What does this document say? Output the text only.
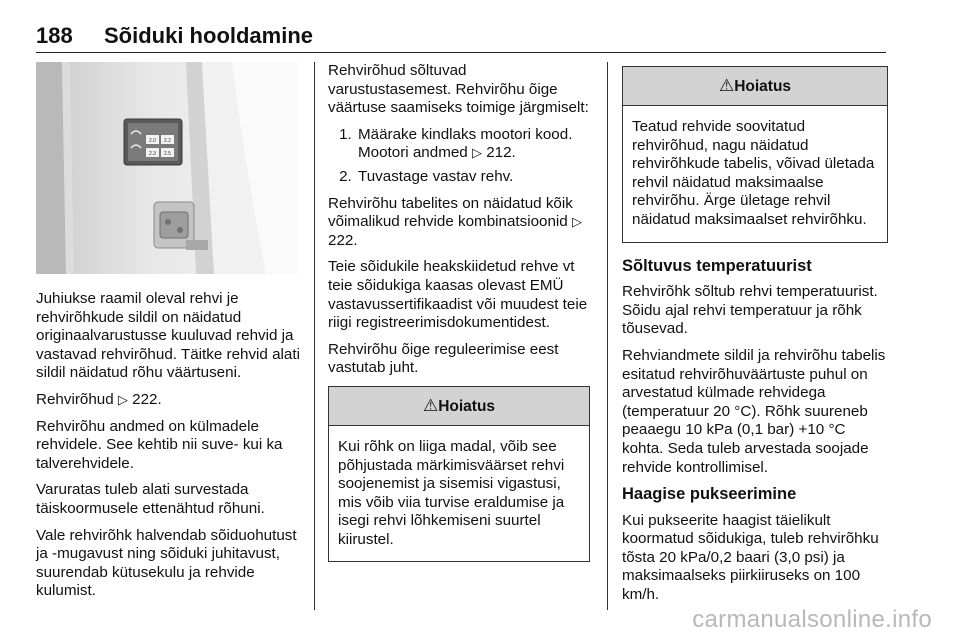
188	Sõiduki hooldamine
2.0 2.2
2.3 2.5

Juhiukse raamil oleval rehvi je rehvirõhkude sildil on näidatud originaalvarustusse kuuluvad rehvid ja vastavad rehvirõhud. Täitke rehvid alati sildil näidatud rõhu väärtuseni.

Rehvirõhud ▷ 222.

Rehvirõhu andmed on külmadele rehvidele. See kehtib nii suve- kui ka talverehvidele.

Varuratas tuleb alati survestada täiskoormusele ettenähtud rõhuni.

Vale rehvirõhk halvendab sõiduohutust ja -mugavust ning sõiduki juhitavust, suurendab kütusekulu ja rehvide kulumist.

Rehvirõhud sõltuvad varustustasemest. Rehvirõhu õige väärtuse saamiseks toimige järgmiselt:

1. Määrake kindlaks mootori kood. Mootori andmed ▷ 212.
2. Tuvastage vastav rehv.

Rehvirõhu tabelites on näidatud kõik võimalikud rehvide kombinatsioonid ▷ 222.

Teie sõidukile heakskiidetud rehve vt teie sõidukiga kaasas olevast EMÜ vastavussertifikaadist või muudest teie riigi registreerimisdokumentidest.

Rehvirõhu õige reguleerimise eest vastutab juht.

⚠Hoiatus
Kui rõhk on liiga madal, võib see põhjustada märkimisväärset rehvi soojenemist ja sisemisi vigastusi, mis võib viia turvise eraldumise ja isegi rehvi lõhkemiseni suurtel kiirustel.
⚠Hoiatus
Teatud rehvide soovitatud rehvirõhud, nagu näidatud rehvirõhkude tabelis, võivad ületada rehvil näidatud maksimaalse rehvirõhu. Ärge ületage rehvil näidatud maksimaalset rehvirõhku.
Sõltuvus temperatuurist

Rehvirõhk sõltub rehvi temperatuurist. Sõidu ajal rehvi temperatuur ja rõhk tõusevad.

Rehviandmete sildil ja rehvirõhu tabelis esitatud rehvirõhuväärtuste puhul on arvestatud külmade rehvidega (temperatuur 20 °C). Rõhk suureneb peaaegu 10 kPa (0,1 bar) +10 °C kohta. Seda tuleb arvestada soojade rehvide kontrollimisel.

Haagise pukseerimine

Kui pukseerite haagist täielikult koormatud sõidukiga, tuleb rehvirõhku tõsta 20 kPa/0,2 baari (3,0 psi) ja maksimaalseks piirkiiruseks on 100 km/h.

carmanualsonline.info
